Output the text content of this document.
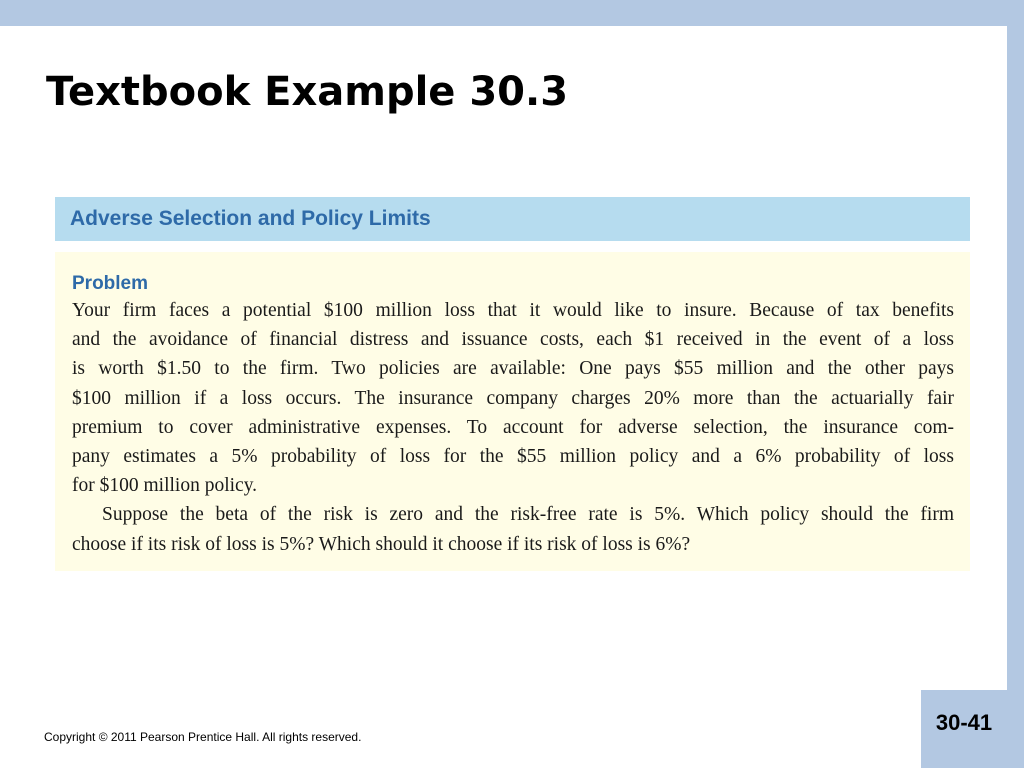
30-41
Textbook Example 30.3
Adverse Selection and Policy Limits

Problem

Your firm faces a potential $100 million loss that it would like to insure. Because of tax benefits
and the avoidance of financial distress and issuance costs, each $1 received in the event of a loss
is worth $1.50 to the firm. Two policies are available: One pays $55 million and the other pays
$100 million if a loss occurs. The insurance company charges 20% more than the actuarially fair
premium to cover administrative expenses. To account for adverse selection, the insurance com-
pany estimates a 5% probability of loss for the $55 million policy and a 6% probability of loss
for $100 million policy.

Suppose the beta of the risk is zero and the risk-free rate is 5%. Which policy should the firm
choose if its risk of loss is 5%? Which should it choose if its risk of loss is 6%?

Copyright © 2011 Pearson Prentice Hall. All rights reserved.
